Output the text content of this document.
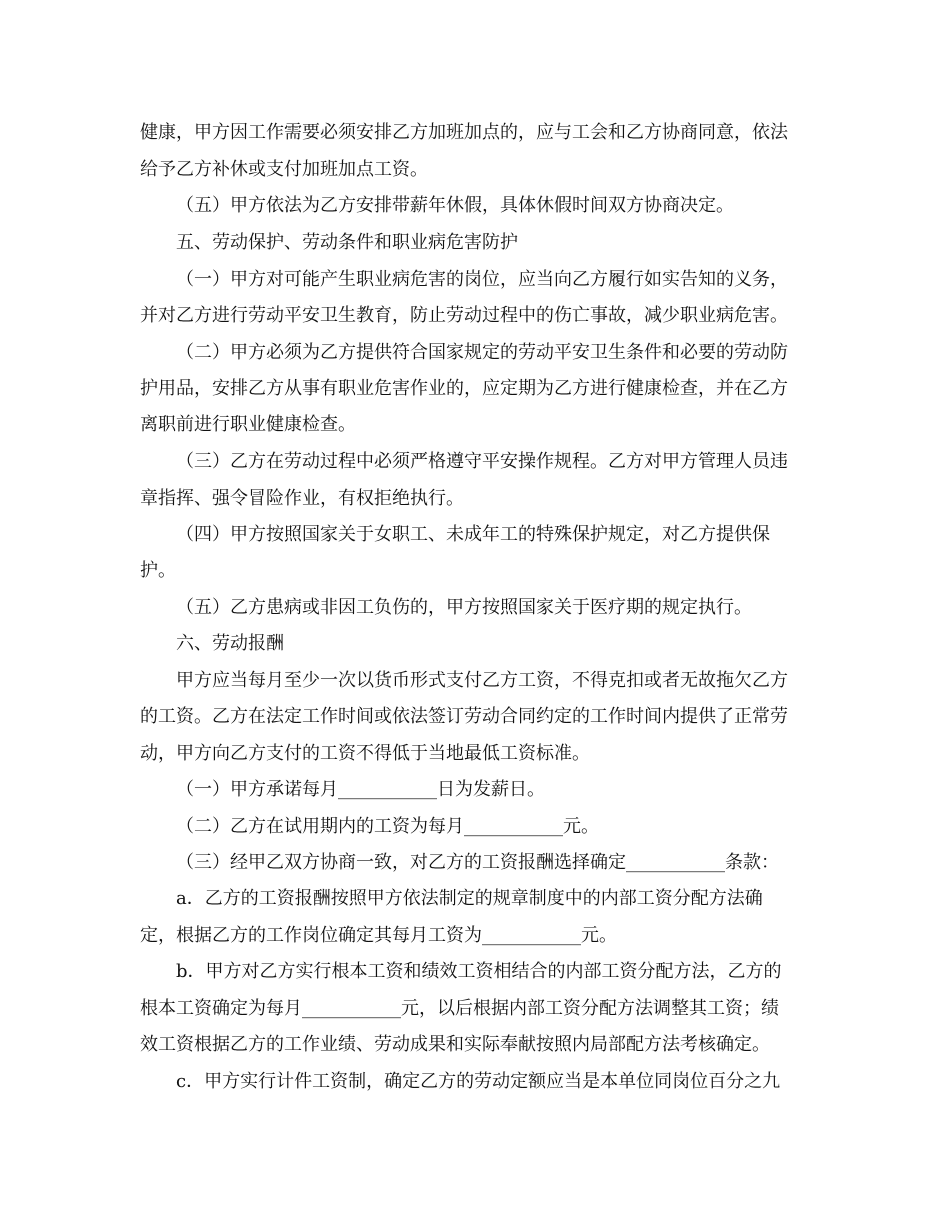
健康，甲方因工作需要必须安排乙方加班加点的，应与工会和乙方协商同意，依法
给予乙方补休或支付加班加点工资。
（五）甲方依法为乙方安排带薪年休假，具体休假时间双方协商决定。
五、劳动保护、劳动条件和职业病危害防护
（一）甲方对可能产生职业病危害的岗位，应当向乙方履行如实告知的义务，
并对乙方进行劳动平安卫生教育，防止劳动过程中的伤亡事故，减少职业病危害。
（二）甲方必须为乙方提供符合国家规定的劳动平安卫生条件和必要的劳动防
护用品，安排乙方从事有职业危害作业的，应定期为乙方进行健康检查，并在乙方
离职前进行职业健康检查。
（三）乙方在劳动过程中必须严格遵守平安操作规程。乙方对甲方管理人员违
章指挥、强令冒险作业，有权拒绝执行。
（四）甲方按照国家关于女职工、未成年工的特殊保护规定，对乙方提供保
护。
（五）乙方患病或非因工负伤的，甲方按照国家关于医疗期的规定执行。
六、劳动报酬
甲方应当每月至少一次以货币形式支付乙方工资，不得克扣或者无故拖欠乙方
的工资。乙方在法定工作时间或依法签订劳动合同约定的工作时间内提供了正常劳
动，甲方向乙方支付的工资不得低于当地最低工资标准。
（一）甲方承诺每月___________日为发薪日。
（二）乙方在试用期内的工资为每月___________元。
（三）经甲乙双方协商一致，对乙方的工资报酬选择确定___________条款：
a．乙方的工资报酬按照甲方依法制定的规章制度中的内部工资分配方法确
定，根据乙方的工作岗位确定其每月工资为___________元。
b．甲方对乙方实行根本工资和绩效工资相结合的内部工资分配方法，乙方的
根本工资确定为每月___________元，以后根据内部工资分配方法调整其工资；绩
效工资根据乙方的工作业绩、劳动成果和实际奉献按照内局部配方法考核确定。
c．甲方实行计件工资制，确定乙方的劳动定额应当是本单位同岗位百分之九
